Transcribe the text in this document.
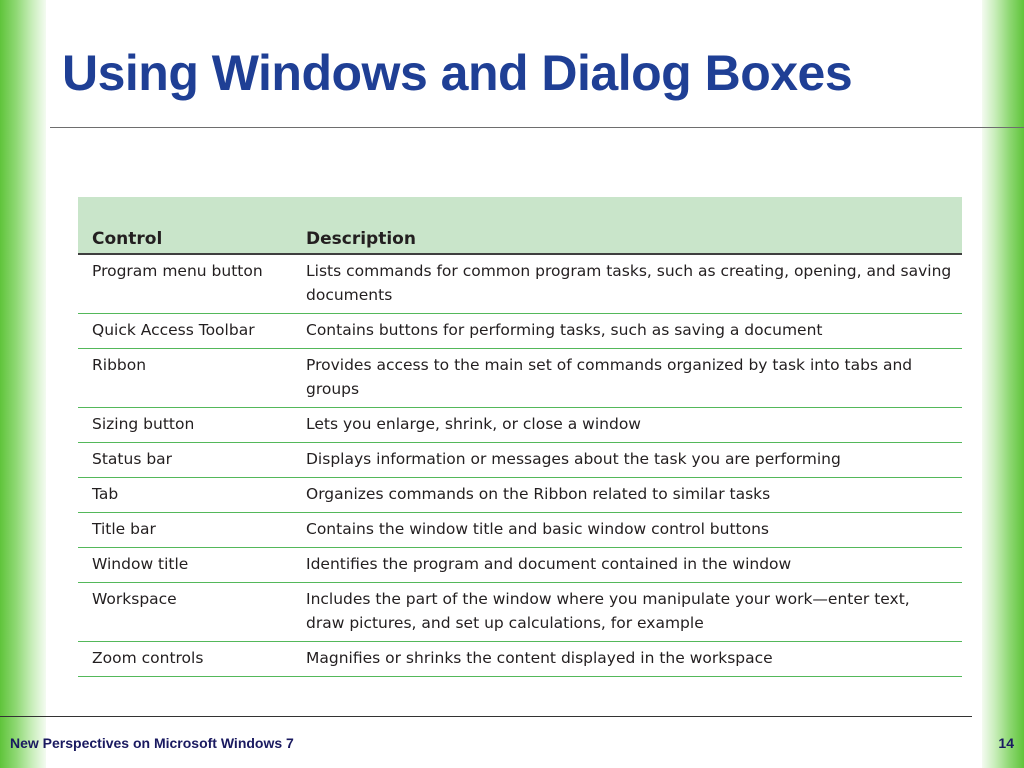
Using Windows and Dialog Boxes
Control	Description
Program menu button	Lists commands for common program tasks, such as creating, opening, and saving documents
Quick Access Toolbar	Contains buttons for performing tasks, such as saving a document
Ribbon	Provides access to the main set of commands organized by task into tabs and groups
Sizing button	Lets you enlarge, shrink, or close a window
Status bar	Displays information or messages about the task you are performing
Tab	Organizes commands on the Ribbon related to similar tasks
Title bar	Contains the window title and basic window control buttons
Window title	Identifies the program and document contained in the window
Workspace	Includes the part of the window where you manipulate your work—enter text, draw pictures, and set up calculations, for example
Zoom controls	Magnifies or shrinks the content displayed in the workspace
New Perspectives on Microsoft Windows 7	14
